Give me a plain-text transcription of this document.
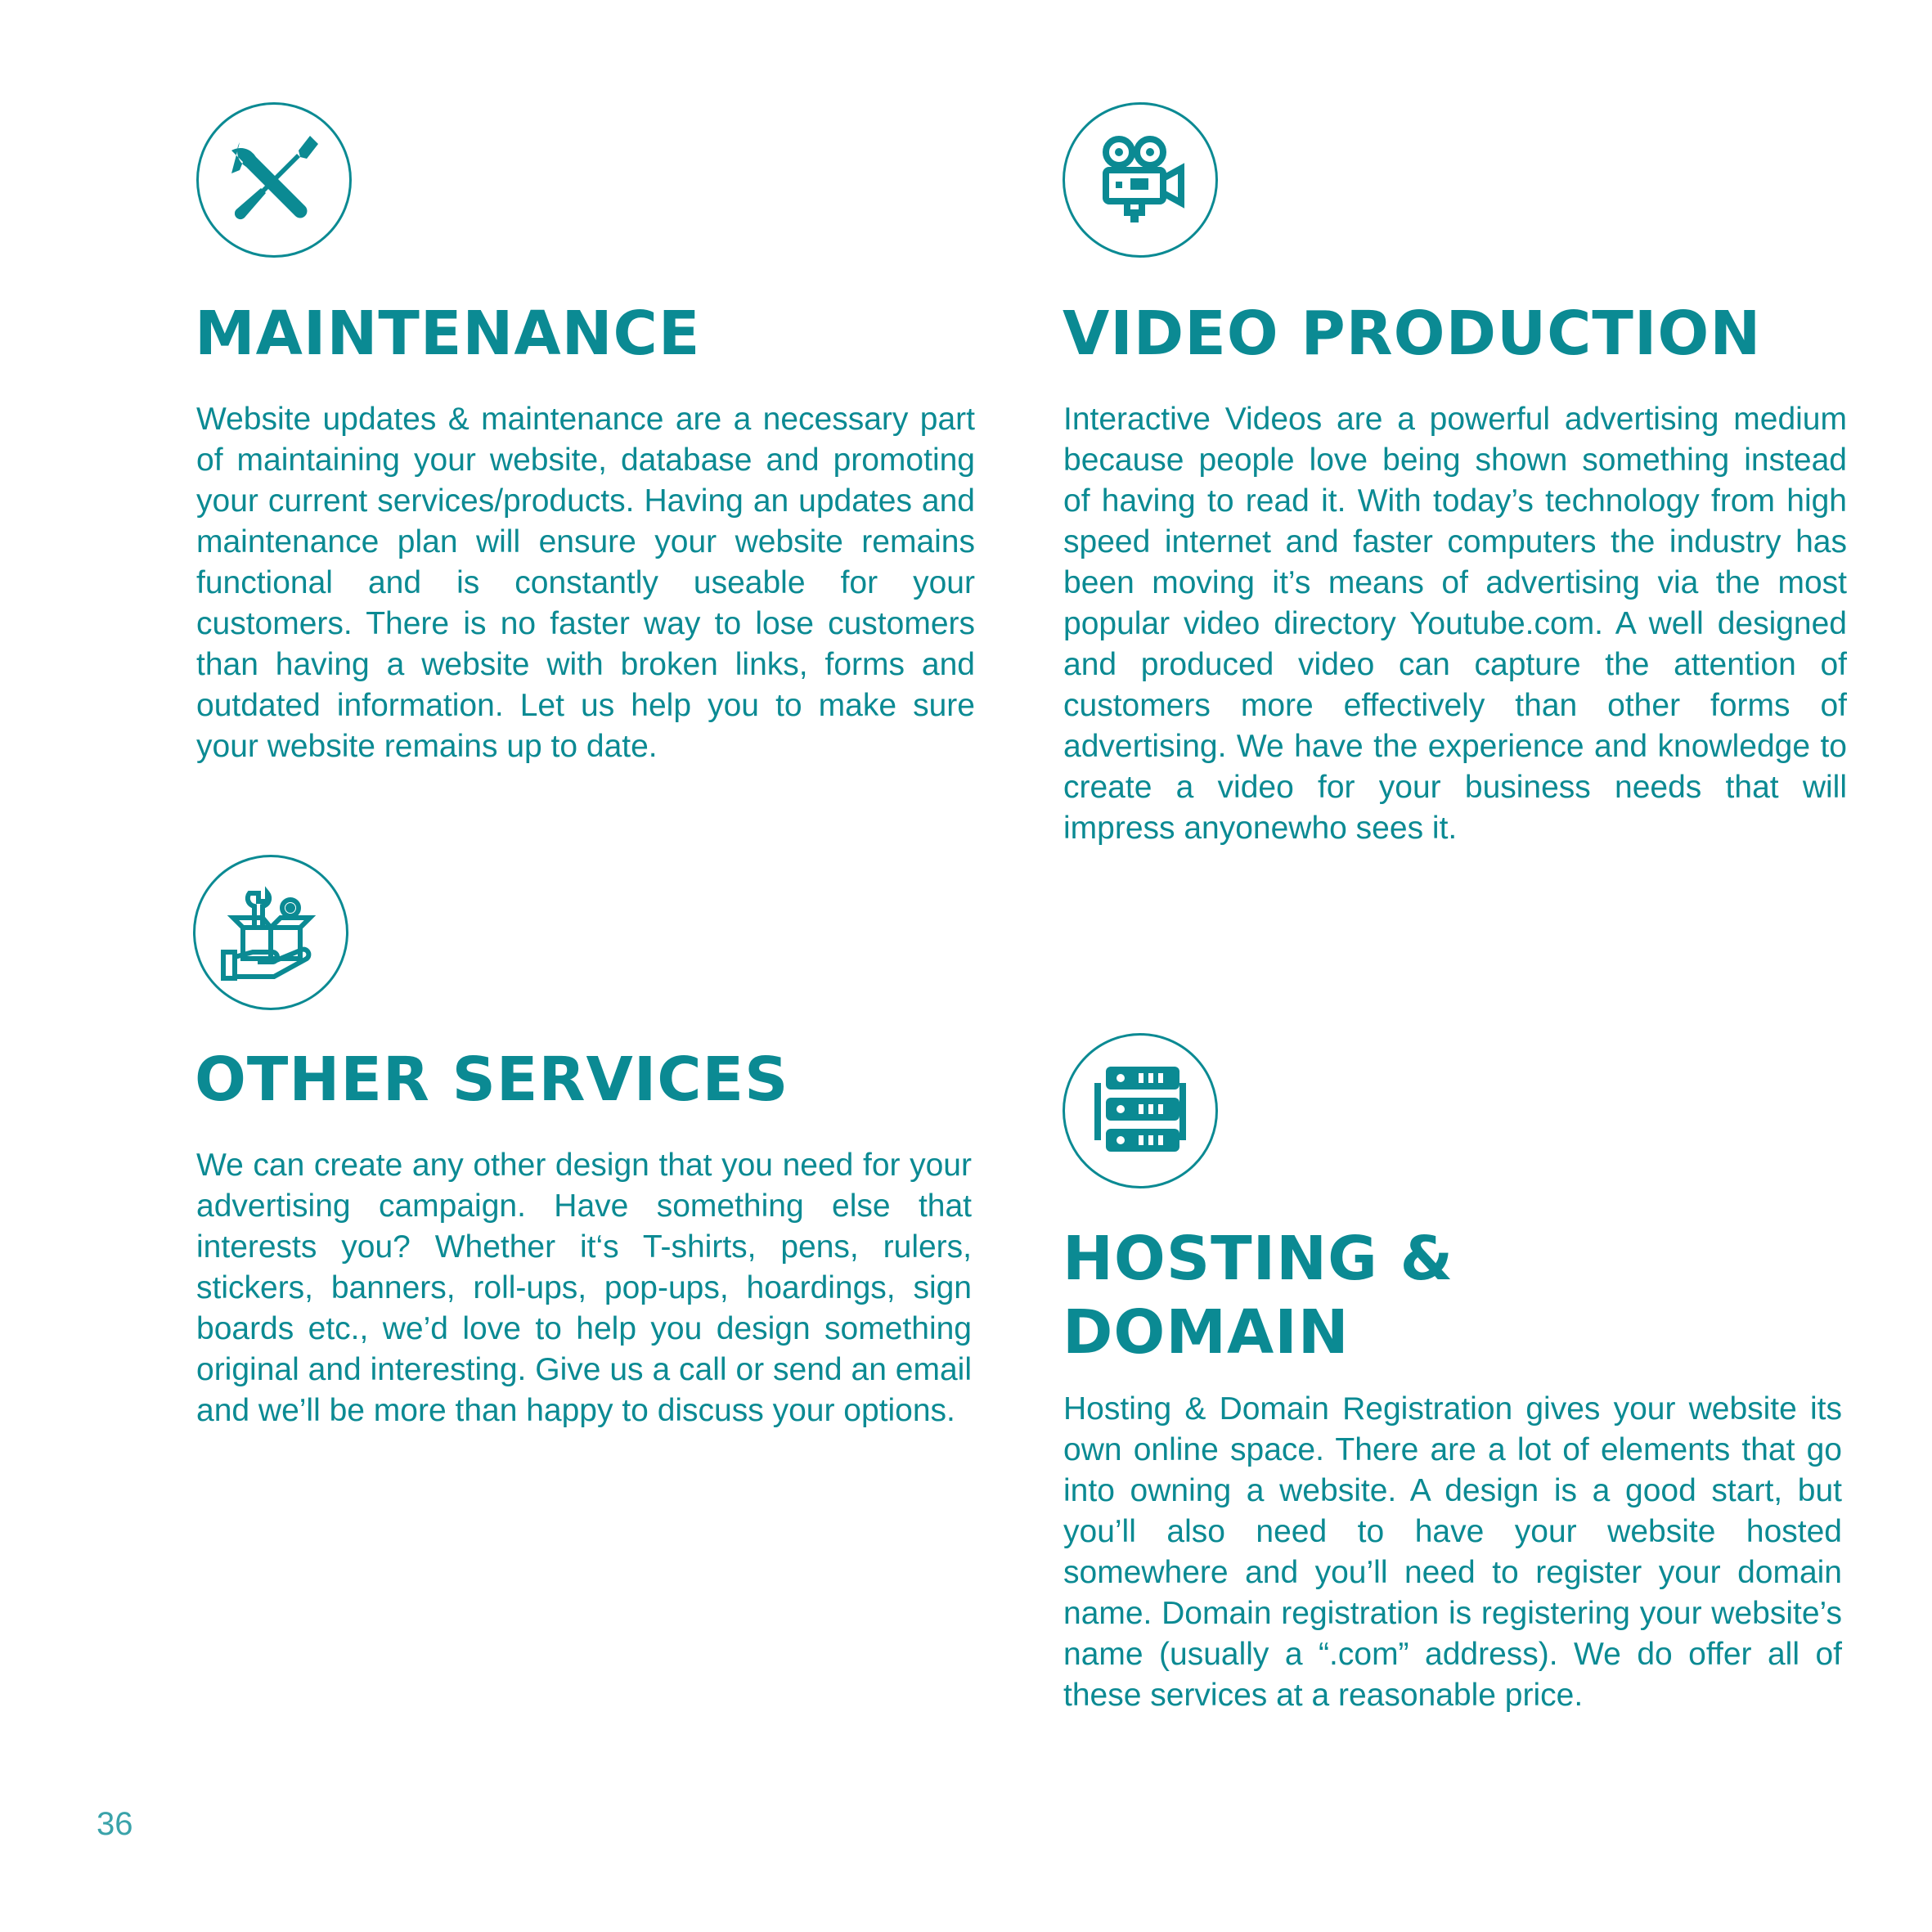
MAINTENANCE

Website updates & maintenance are a necessary part of maintaining your website, database and promoting your current services/products. Having an updates and maintenance plan will ensure your website remains functional and is constantly useable for your customers. There is no faster way to lose customers than having a website with broken links, forms and outdated information. Let us help you to make sure your website remains up to date.

VIDEO PRODUCTION

Interactive Videos are a powerful advertising medium because people love being shown something instead of having to read it. With today’s technology from high speed internet and faster computers the industry has been moving it’s means of advertising via the most popular video directory Youtube.com. A well designed and produced video can capture the attention of customers more effectively than other forms of advertising. We have the experience and knowledge to create a video for your business needs that will impress anyonewho sees it.

OTHER SERVICES

We can create any other design that you need for your advertising campaign. Have something else that interests you? Whether it‘s T-shirts, pens, rulers, stickers, banners, roll-ups, pop-ups, hoardings, sign boards etc., we’d love to help you design something original and interesting. Give us a call or send an email and we’ll be more than happy to discuss your options.

HOSTING &
DOMAIN

Hosting & Domain Registration gives your website its own online space. There are a lot of elements that go into owning a website. A design is a good start, but you’ll also need to have your website hosted somewhere and you’ll need to register your domain name. Domain registration is registering your website’s name (usually a “.com” address). We do offer all of these services at a reasonable price.

36
